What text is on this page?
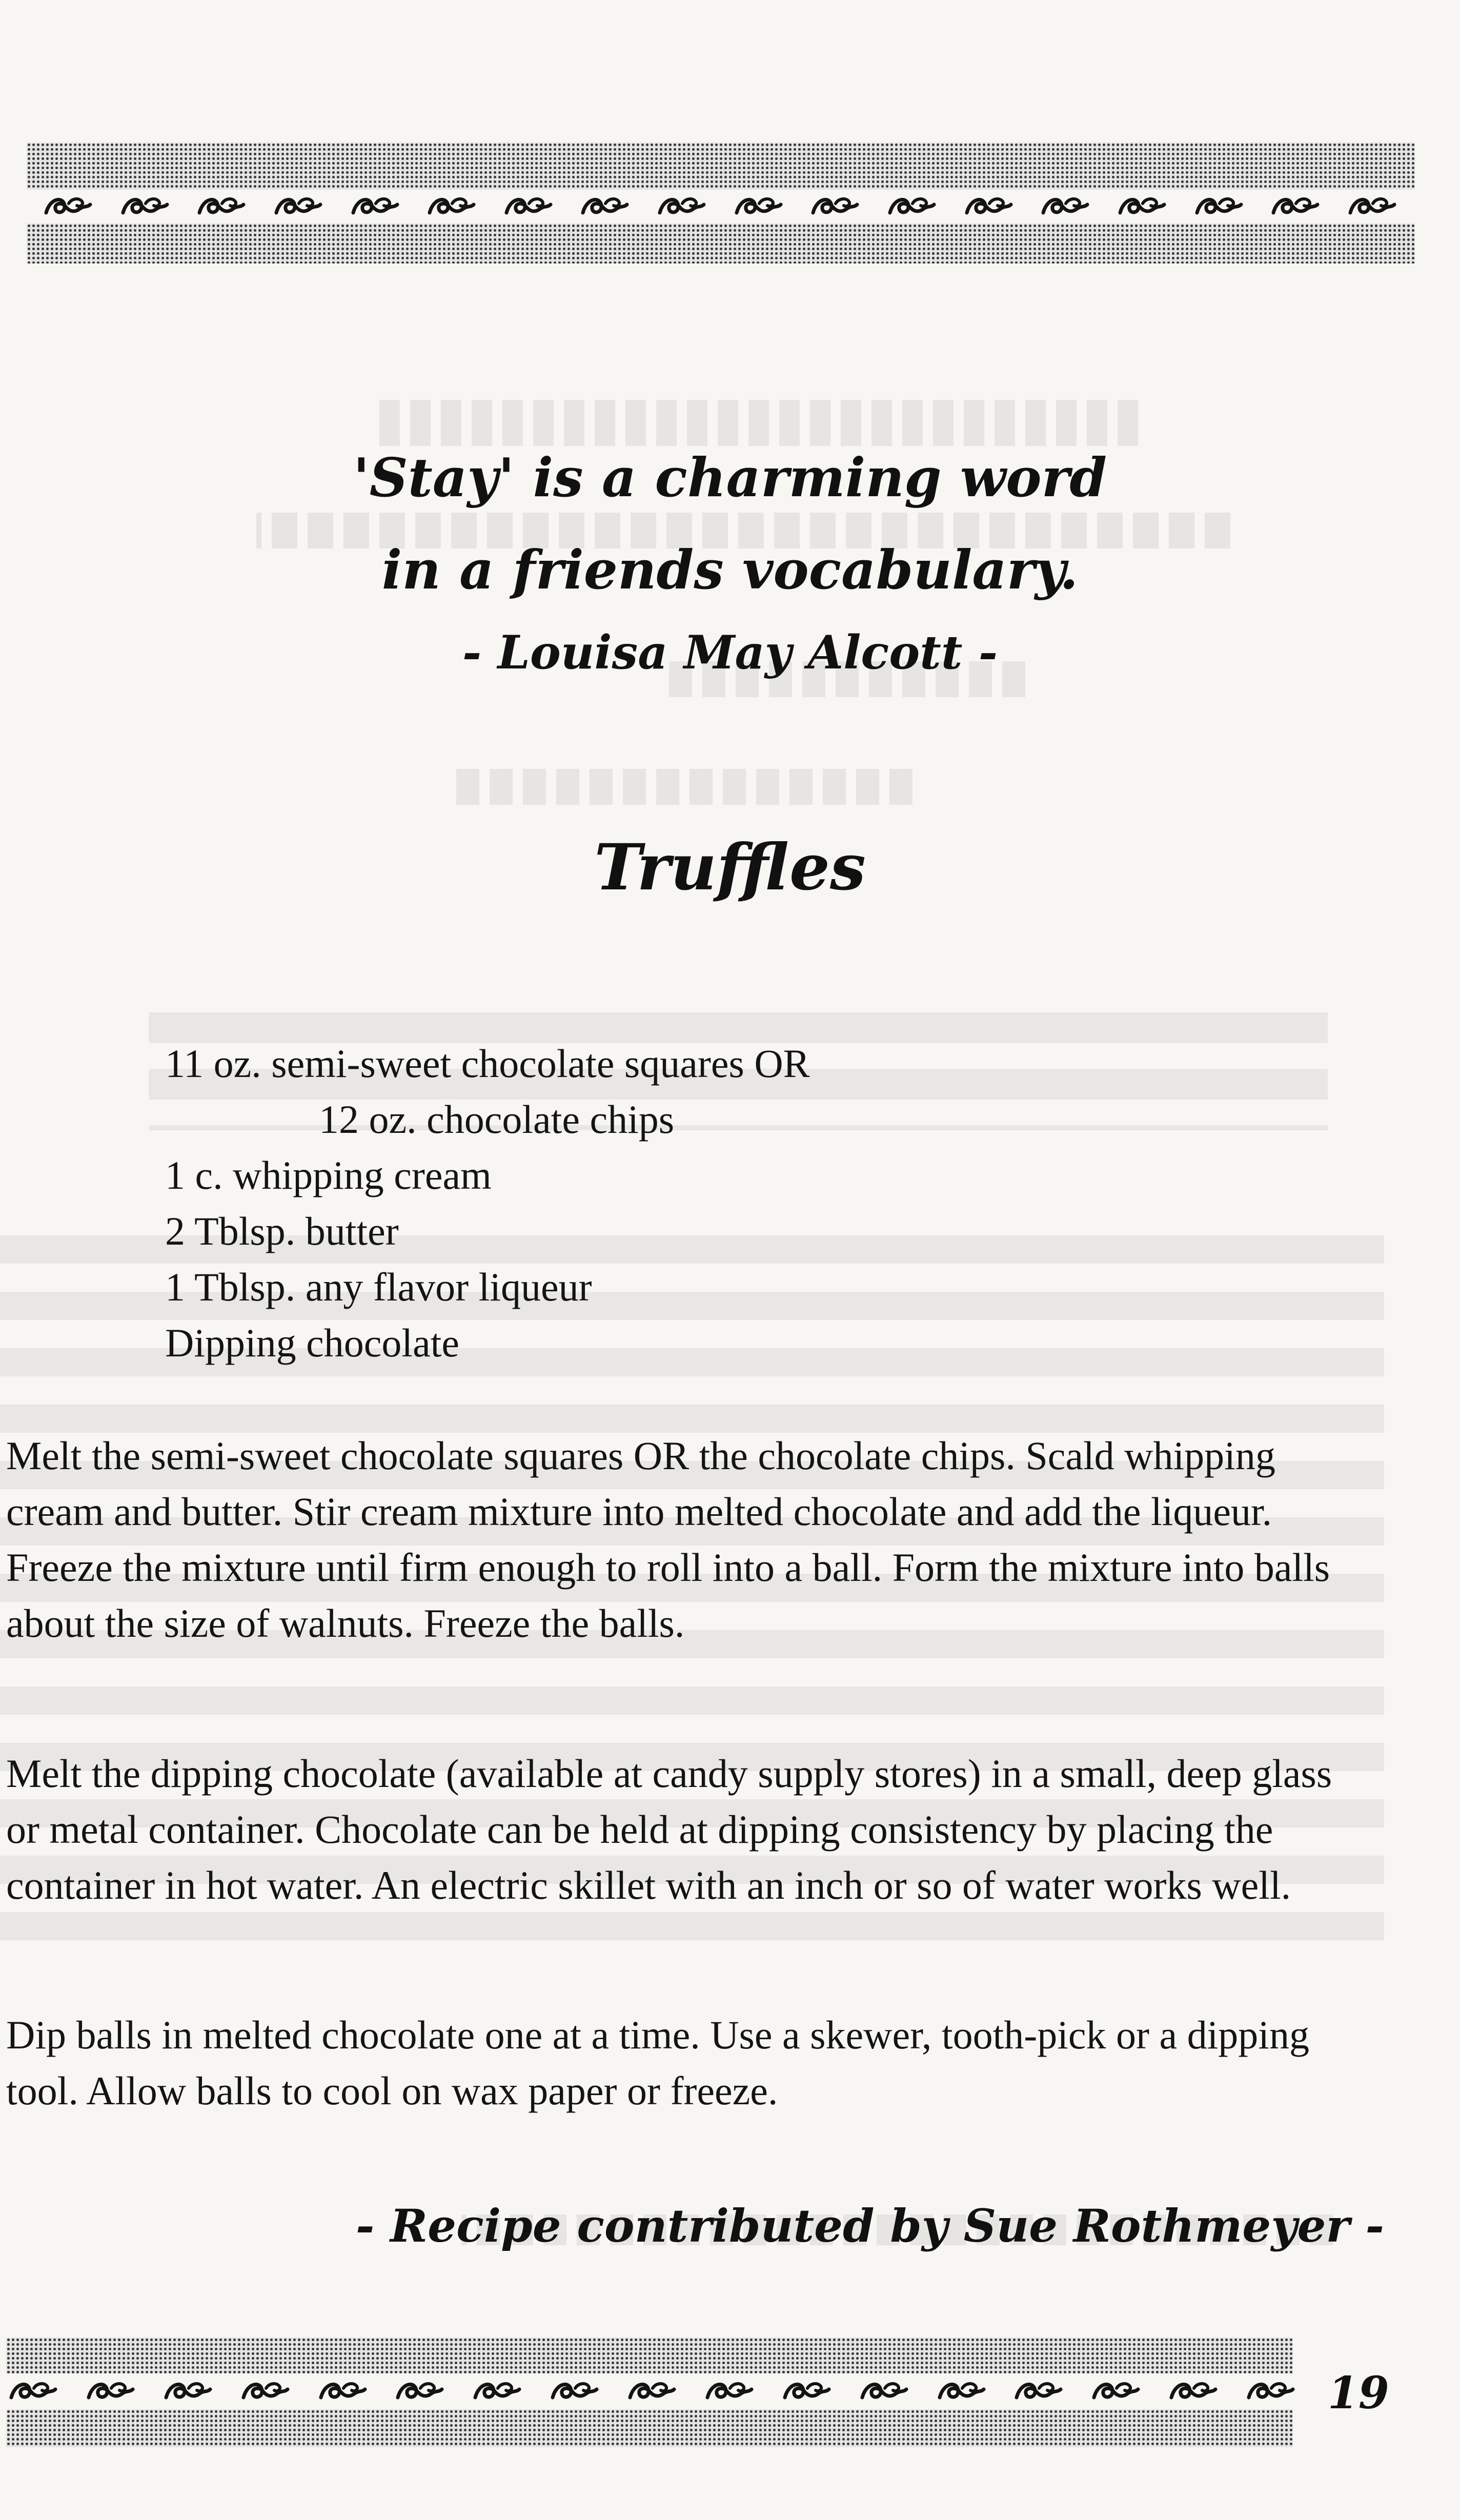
'Stay' is a charming word
in a friends vocabulary.

- Louisa May Alcott -

Truffles
11 oz. semi-sweet chocolate squares OR
12 oz. chocolate chips
1 c. whipping cream
2 Tblsp. butter
1 Tblsp. any flavor liqueur
Dipping chocolate

Melt the semi-sweet chocolate squares OR the chocolate chips. Scald whipping cream and butter. Stir cream mixture into melted chocolate and add the liqueur. Freeze the mixture until firm enough to roll into a ball. Form the mixture into balls about the size of walnuts. Freeze the balls.

Melt the dipping chocolate (available at candy supply stores) in a small, deep glass or metal container. Chocolate can be held at dipping consistency by placing the container in hot water. An electric skillet with an inch or so of water works well.

Dip balls in melted chocolate one at a time. Use a skewer, tooth-pick or a dipping tool. Allow balls to cool on wax paper or freeze.

- Recipe contributed by Sue Rothmeyer -

19
